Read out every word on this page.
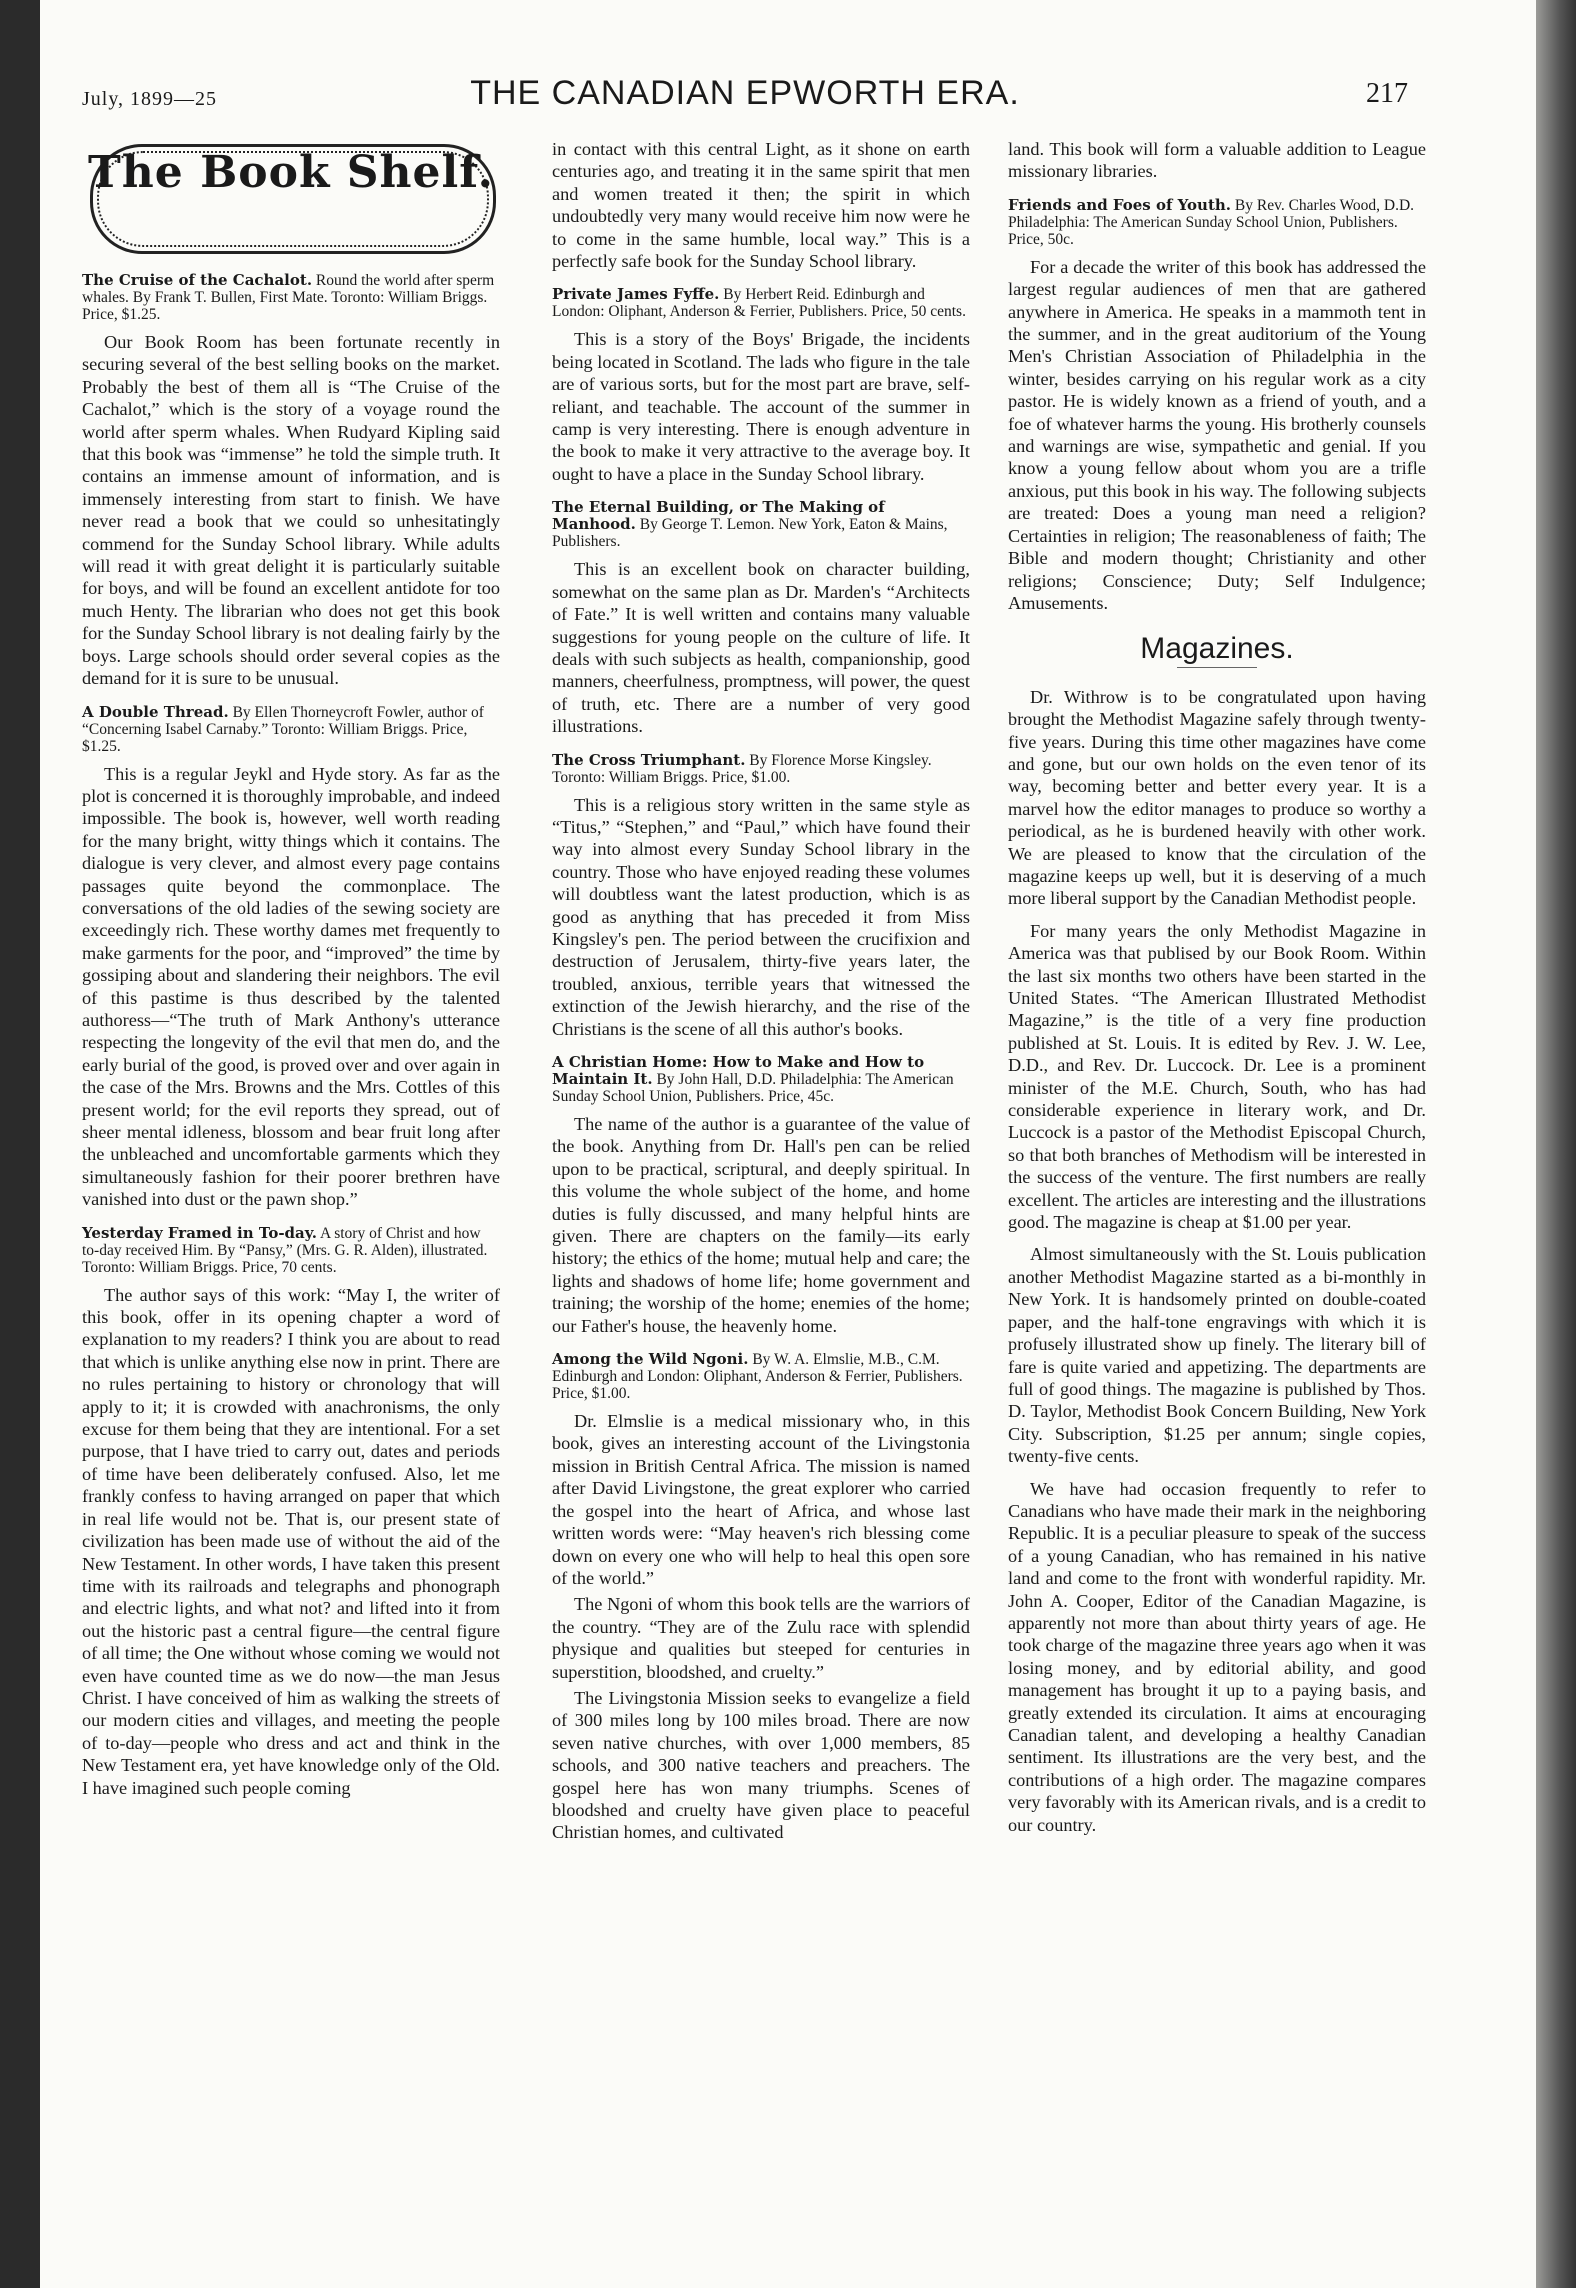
July, 1899—25	THE CANADIAN EPWORTH ERA.	217
The Book Shelf.
The Cruise of the Cachalot. Round the world after sperm whales. By Frank T. Bullen, First Mate. Toronto: William Briggs. Price, $1.25.

Our Book Room has been fortunate recently in securing several of the best selling books on the market. Probably the best of them all is “The Cruise of the Cachalot,” which is the story of a voyage round the world after sperm whales. When Rudyard Kipling said that this book was “immense” he told the simple truth. It contains an immense amount of information, and is immensely interesting from start to finish. We have never read a book that we could so unhesitatingly commend for the Sunday School library. While adults will read it with great delight it is particularly suitable for boys, and will be found an excellent antidote for too much Henty. The librarian who does not get this book for the Sunday School library is not dealing fairly by the boys. Large schools should order several copies as the demand for it is sure to be unusual.

A Double Thread. By Ellen Thorneycroft Fowler, author of “Concerning Isabel Carnaby.” Toronto: William Briggs. Price, $1.25.

This is a regular Jeykl and Hyde story. As far as the plot is concerned it is thoroughly improbable, and indeed impossible. The book is, however, well worth reading for the many bright, witty things which it contains. The dialogue is very clever, and almost every page contains passages quite beyond the commonplace. The conversations of the old ladies of the sewing society are exceedingly rich. These worthy dames met frequently to make garments for the poor, and “improved” the time by gossiping about and slandering their neighbors. The evil of this pastime is thus described by the talented authoress—“The truth of Mark Anthony's utterance respecting the longevity of the evil that men do, and the early burial of the good, is proved over and over again in the case of the Mrs. Browns and the Mrs. Cottles of this present world; for the evil reports they spread, out of sheer mental idleness, blossom and bear fruit long after the unbleached and uncomfortable garments which they simultaneously fashion for their poorer brethren have vanished into dust or the pawn shop.”

Yesterday Framed in To-day. A story of Christ and how to-day received Him. By “Pansy,” (Mrs. G. R. Alden), illustrated. Toronto: William Briggs. Price, 70 cents.

The author says of this work: “May I, the writer of this book, offer in its opening chapter a word of explanation to my readers? I think you are about to read that which is unlike anything else now in print. There are no rules pertaining to history or chronology that will apply to it; it is crowded with anachronisms, the only excuse for them being that they are intentional. For a set purpose, that I have tried to carry out, dates and periods of time have been deliberately confused. Also, let me frankly confess to having arranged on paper that which in real life would not be. That is, our present state of civilization has been made use of without the aid of the New Testament. In other words, I have taken this present time with its railroads and telegraphs and phonograph and electric lights, and what not? and lifted into it from out the historic past a central figure—the central figure of all time; the One without whose coming we would not even have counted time as we do now—the man Jesus Christ. I have conceived of him as walking the streets of our modern cities and villages, and meeting the people of to-day—people who dress and act and think in the New Testament era, yet have knowledge only of the Old. I have imagined such people coming

in contact with this central Light, as it shone on earth centuries ago, and treating it in the same spirit that men and women treated it then; the spirit in which undoubtedly very many would receive him now were he to come in the same humble, local way.” This is a perfectly safe book for the Sunday School library.

Private James Fyffe. By Herbert Reid. Edinburgh and London: Oliphant, Anderson & Ferrier, Publishers. Price, 50 cents.

This is a story of the Boys' Brigade, the incidents being located in Scotland. The lads who figure in the tale are of various sorts, but for the most part are brave, self-reliant, and teachable. The account of the summer in camp is very interesting. There is enough adventure in the book to make it very attractive to the average boy. It ought to have a place in the Sunday School library.

The Eternal Building, or The Making of Manhood. By George T. Lemon. New York, Eaton & Mains, Publishers.

This is an excellent book on character building, somewhat on the same plan as Dr. Marden's “Architects of Fate.” It is well written and contains many valuable suggestions for young people on the culture of life. It deals with such subjects as health, companionship, good manners, cheerfulness, promptness, will power, the quest of truth, etc. There are a number of very good illustrations.

The Cross Triumphant. By Florence Morse Kingsley. Toronto: William Briggs. Price, $1.00.

This is a religious story written in the same style as “Titus,” “Stephen,” and “Paul,” which have found their way into almost every Sunday School library in the country. Those who have enjoyed reading these volumes will doubtless want the latest production, which is as good as anything that has preceded it from Miss Kingsley's pen. The period between the crucifixion and destruction of Jerusalem, thirty-five years later, the troubled, anxious, terrible years that witnessed the extinction of the Jewish hierarchy, and the rise of the Christians is the scene of all this author's books.

A Christian Home: How to Make and How to Maintain It. By John Hall, D.D. Philadelphia: The American Sunday School Union, Publishers. Price, 45c.

The name of the author is a guarantee of the value of the book. Anything from Dr. Hall's pen can be relied upon to be practical, scriptural, and deeply spiritual. In this volume the whole subject of the home, and home duties is fully discussed, and many helpful hints are given. There are chapters on the family—its early history; the ethics of the home; mutual help and care; the lights and shadows of home life; home government and training; the worship of the home; enemies of the home; our Father's house, the heavenly home.

Among the Wild Ngoni. By W. A. Elmslie, M.B., C.M. Edinburgh and London: Oliphant, Anderson & Ferrier, Publishers. Price, $1.00.

Dr. Elmslie is a medical missionary who, in this book, gives an interesting account of the Livingstonia mission in British Central Africa. The mission is named after David Livingstone, the great explorer who carried the gospel into the heart of Africa, and whose last written words were: “May heaven's rich blessing come down on every one who will help to heal this open sore of the world.”

The Ngoni of whom this book tells are the warriors of the country. “They are of the Zulu race with splendid physique and qualities but steeped for centuries in superstition, bloodshed, and cruelty.”

The Livingstonia Mission seeks to evangelize a field of 300 miles long by 100 miles broad. There are now seven native churches, with over 1,000 members, 85 schools, and 300 native teachers and preachers. The gospel here has won many triumphs. Scenes of bloodshed and cruelty have given place to peaceful Christian homes, and cultivated

land. This book will form a valuable addition to League missionary libraries.

Friends and Foes of Youth. By Rev. Charles Wood, D.D. Philadelphia: The American Sunday School Union, Publishers. Price, 50c.

For a decade the writer of this book has addressed the largest regular audiences of men that are gathered anywhere in America. He speaks in a mammoth tent in the summer, and in the great auditorium of the Young Men's Christian Association of Philadelphia in the winter, besides carrying on his regular work as a city pastor. He is widely known as a friend of youth, and a foe of whatever harms the young. His brotherly counsels and warnings are wise, sympathetic and genial. If you know a young fellow about whom you are a trifle anxious, put this book in his way. The following subjects are treated: Does a young man need a religion? Certainties in religion; The reasonableness of faith; The Bible and modern thought; Christianity and other religions; Conscience; Duty; Self Indulgence; Amusements.

Magazines.

Dr. Withrow is to be congratulated upon having brought the Methodist Magazine safely through twenty-five years. During this time other magazines have come and gone, but our own holds on the even tenor of its way, becoming better and better every year. It is a marvel how the editor manages to produce so worthy a periodical, as he is burdened heavily with other work. We are pleased to know that the circulation of the magazine keeps up well, but it is deserving of a much more liberal support by the Canadian Methodist people.

For many years the only Methodist Magazine in America was that publised by our Book Room. Within the last six months two others have been started in the United States. “The American Illustrated Methodist Magazine,” is the title of a very fine production published at St. Louis. It is edited by Rev. J. W. Lee, D.D., and Rev. Dr. Luccock. Dr. Lee is a prominent minister of the M.E. Church, South, who has had considerable experience in literary work, and Dr. Luccock is a pastor of the Methodist Episcopal Church, so that both branches of Methodism will be interested in the success of the venture. The first numbers are really excellent. The articles are interesting and the illustrations good. The magazine is cheap at $1.00 per year.

Almost simultaneously with the St. Louis publication another Methodist Magazine started as a bi-monthly in New York. It is handsomely printed on double-coated paper, and the half-tone engravings with which it is profusely illustrated show up finely. The literary bill of fare is quite varied and appetizing. The departments are full of good things. The magazine is published by Thos. D. Taylor, Methodist Book Concern Building, New York City. Subscription, $1.25 per annum; single copies, twenty-five cents.

We have had occasion frequently to refer to Canadians who have made their mark in the neighboring Republic. It is a peculiar pleasure to speak of the success of a young Canadian, who has remained in his native land and come to the front with wonderful rapidity. Mr. John A. Cooper, Editor of the Canadian Magazine, is apparently not more than about thirty years of age. He took charge of the magazine three years ago when it was losing money, and by editorial ability, and good management has brought it up to a paying basis, and greatly extended its circulation. It aims at encouraging Canadian talent, and developing a healthy Canadian sentiment. Its illustrations are the very best, and the contributions of a high order. The magazine compares very favorably with its American rivals, and is a credit to our country.
